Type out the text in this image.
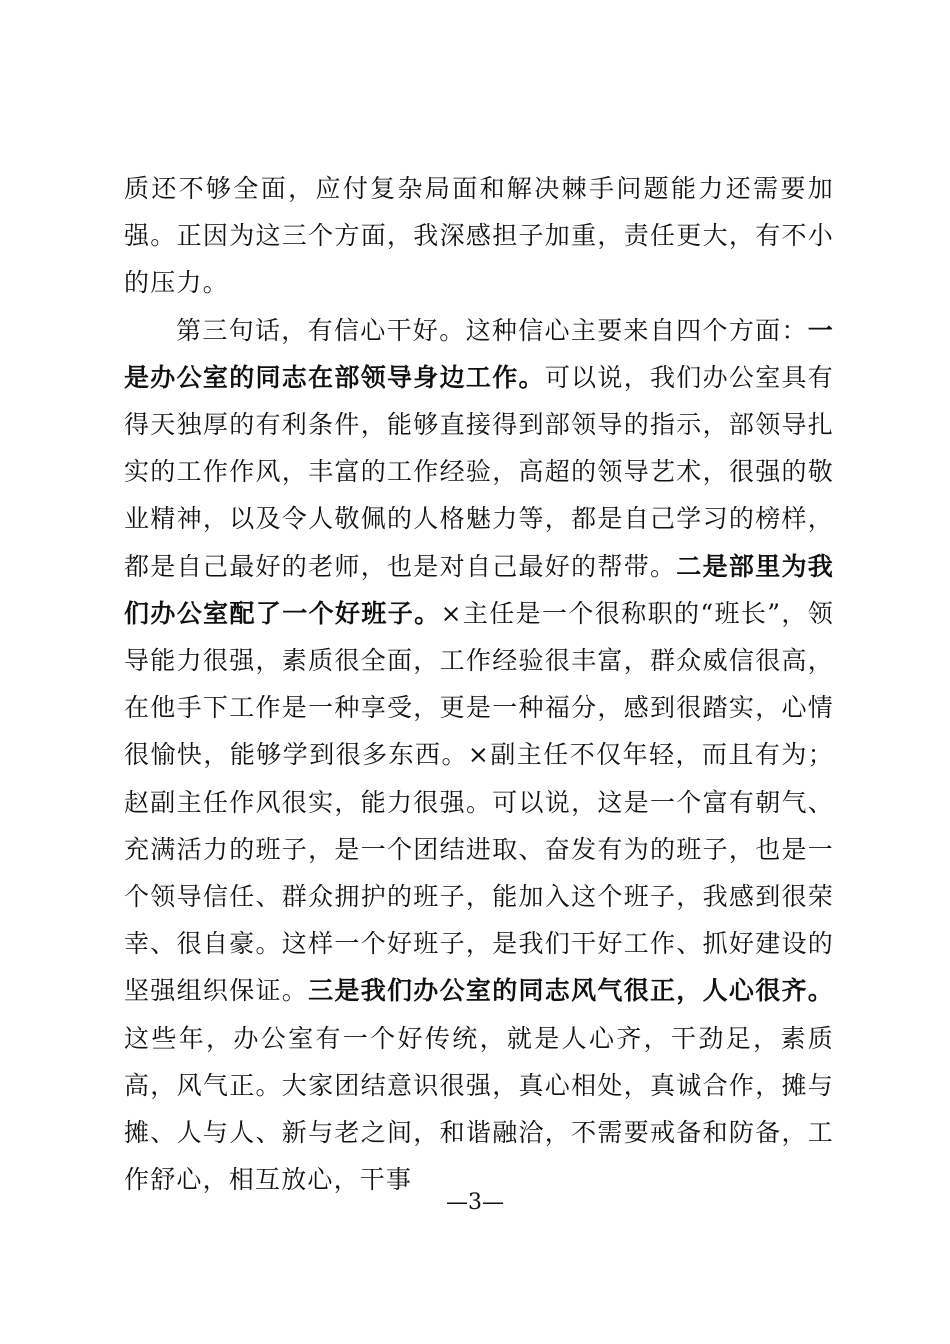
质还不够全面，应付复杂局面和解决棘手问题能力还需要加强。正因为这三个方面，我深感担子加重，责任更大，有不小的压力。

第三句话，有信心干好。这种信心主要来自四个方面：一是办公室的同志在部领导身边工作。可以说，我们办公室具有得天独厚的有利条件，能够直接得到部领导的指示，部领导扎实的工作作风，丰富的工作经验，高超的领导艺术，很强的敬业精神，以及令人敬佩的人格魅力等，都是自己学习的榜样，都是自己最好的老师，也是对自己最好的帮带。二是部里为我们办公室配了一个好班子。×主任是一个很称职的“班长”，领导能力很强，素质很全面，工作经验很丰富，群众威信很高，在他手下工作是一种享受，更是一种福分，感到很踏实，心情很愉快，能够学到很多东西。×副主任不仅年轻，而且有为；赵副主任作风很实，能力很强。可以说，这是一个富有朝气、充满活力的班子，是一个团结进取、奋发有为的班子，也是一个领导信任、群众拥护的班子，能加入这个班子，我感到很荣幸、很自豪。这样一个好班子，是我们干好工作、抓好建设的坚强组织保证。三是我们办公室的同志风气很正，人心很齐。这些年，办公室有一个好传统，就是人心齐，干劲足，素质高，风气正。大家团结意识很强，真心相处，真诚合作，摊与摊、人与人、新与老之间，和谐融洽，不需要戒备和防备，工作舒心，相互放心，干事

—3—
